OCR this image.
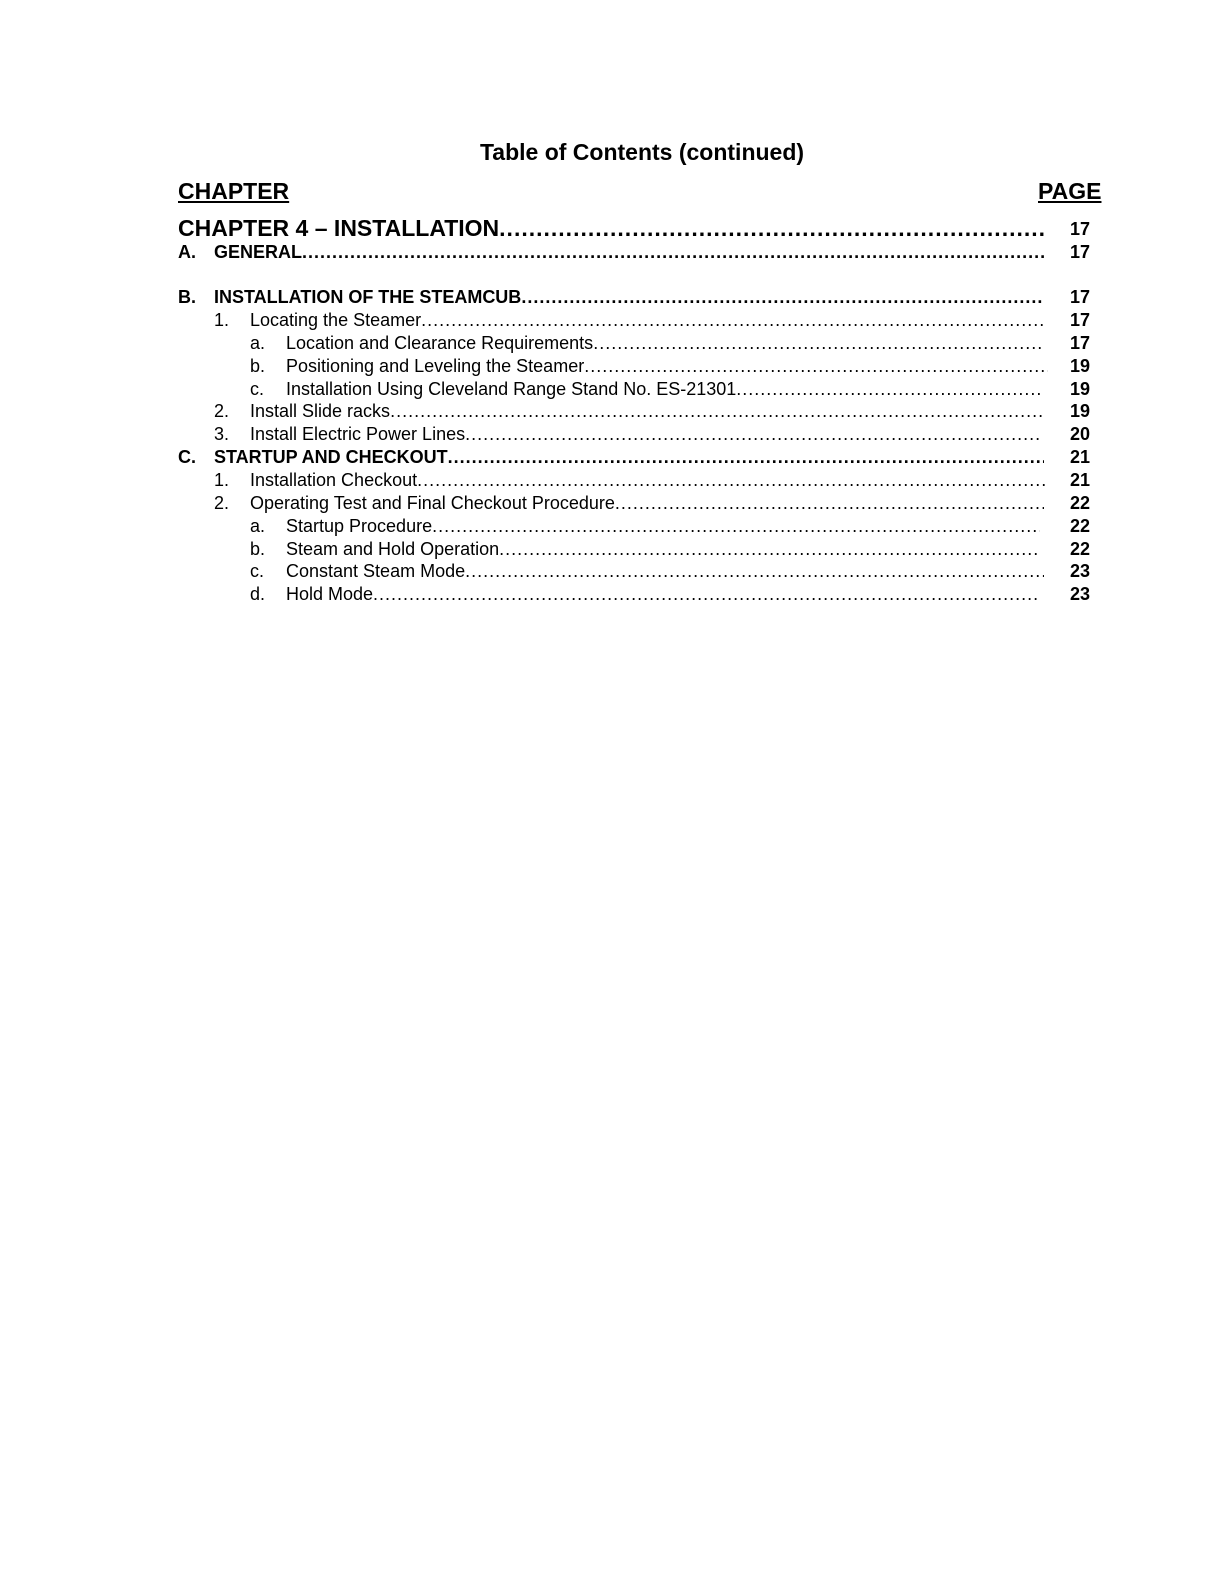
Table of Contents (continued)
CHAPTER	PAGE
CHAPTER 4 – INSTALLATION .....	17
A.	GENERAL .....	17
B.	INSTALLATION OF THE STEAMCUB .....	17
1.	Locating the Steamer .....	17
a.	Location and Clearance Requirements .....	17
b.	Positioning and Leveling the Steamer .....	19
c.	Installation Using Cleveland Range Stand No. ES-21301 .....	19
2.	Install Slide racks .....	19
3.	Install Electric Power Lines .....	20
C.	STARTUP AND CHECKOUT .....	21
1.	Installation Checkout .....	21
2.	Operating Test and Final Checkout Procedure .....	22
a.	Startup Procedure .....	22
b.	Steam and Hold Operation .....	22
c.	Constant Steam Mode .....	23
d.	Hold Mode .....	23
